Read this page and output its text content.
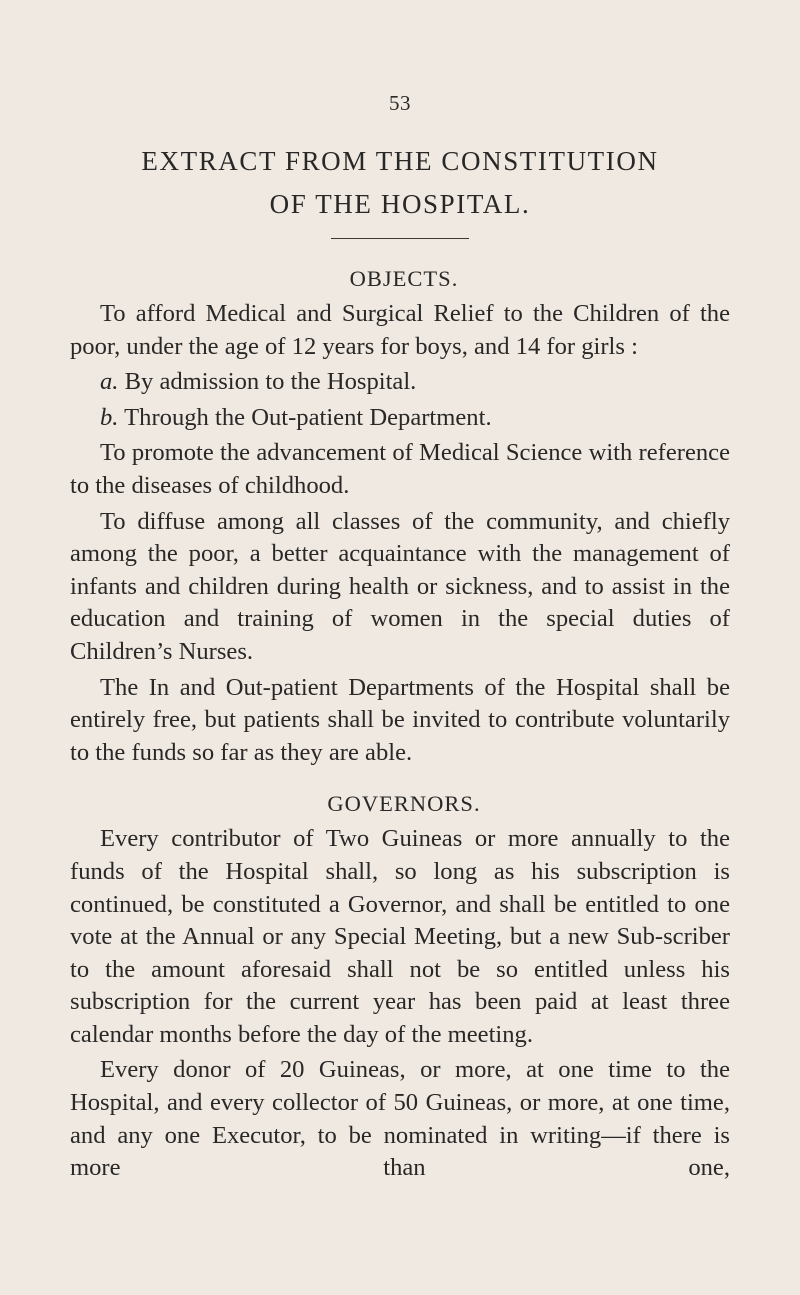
53
EXTRACT FROM THE CONSTITUTION
OF THE HOSPITAL.
OBJECTS.

To afford Medical and Surgical Relief to the Children of the poor, under the age of 12 years for boys, and 14 for girls :

a. By admission to the Hospital.

b. Through the Out-patient Department.

To promote the advancement of Medical Science with reference to the diseases of childhood.

To diffuse among all classes of the community, and chiefly among the poor, a better acquaintance with the management of infants and children during health or sickness, and to assist in the education and training of women in the special duties of Children’s Nurses.

The In and Out-patient Departments of the Hospital shall be entirely free, but patients shall be invited to contribute voluntarily to the funds so far as they are able.

GOVERNORS.

Every contributor of Two Guineas or more annually to the funds of the Hospital shall, so long as his subscription is continued, be constituted a Governor, and shall be entitled to one vote at the Annual or any Special Meeting, but a new Sub-scriber to the amount aforesaid shall not be so entitled unless his subscription for the current year has been paid at least three calendar months before the day of the meeting.

Every donor of 20 Guineas, or more, at one time to the Hospital, and every collector of 50 Guineas, or more, at one time, and any one Executor, to be nominated in writing—if there is more than one,
